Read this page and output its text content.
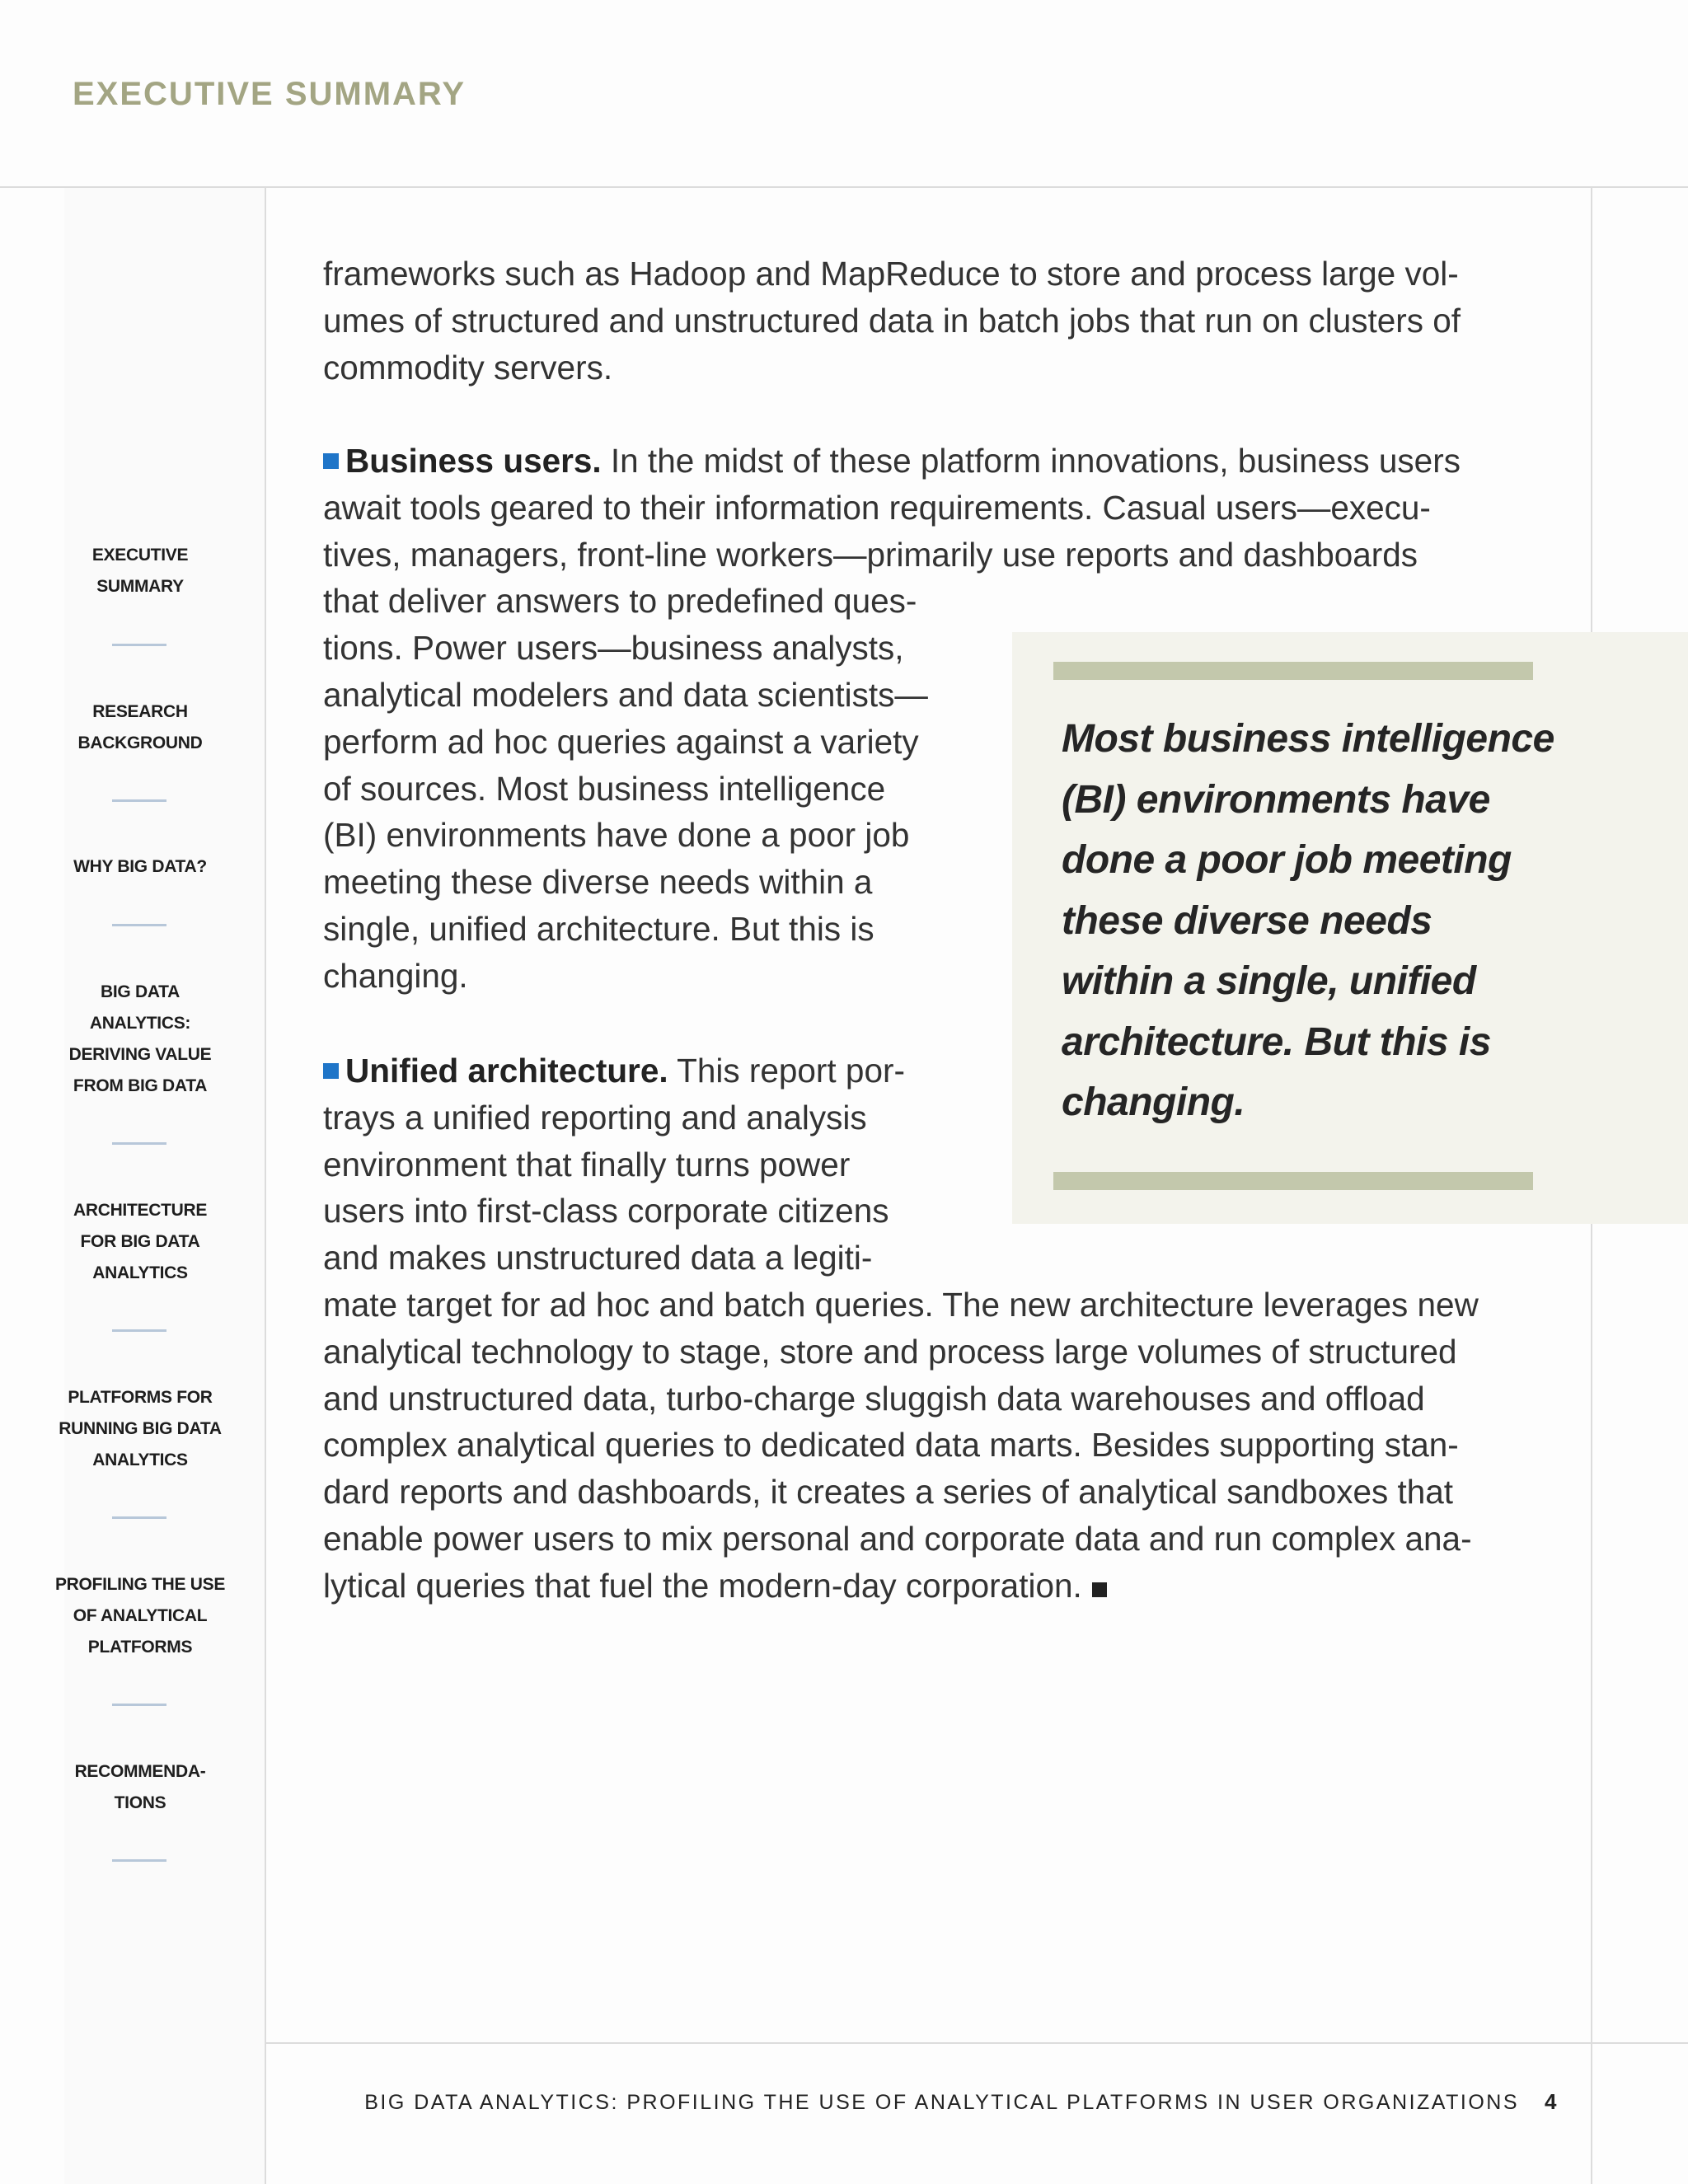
EXECUTIVE SUMMARY
EXECUTIVE
SUMMARY
RESEARCH
BACKGROUND
WHY BIG DATA?
BIG DATA
ANALYTICS:
DERIVING VALUE
FROM BIG DATA
ARCHITECTURE
FOR BIG DATA
ANALYTICS
PLATFORMS FOR
RUNNING BIG DATA
ANALYTICS
PROFILING THE USE
OF ANALYTICAL
PLATFORMS
RECOMMENDA-
TIONS

Most business intelligence
(BI) environments have
done a poor job meeting
these diverse needs
within a single, unified
architecture. But this is
changing.

frameworks such as Hadoop and MapReduce to store and process large vol-
umes of structured and unstructured data in batch jobs that run on clusters of
commodity servers.

Business users. In the midst of these platform innovations, business users
await tools geared to their information requirements. Casual users—execu-
tives, managers, front-line workers—primarily use reports and dashboards
that deliver answers to predefined ques-
tions. Power users—business analysts,
analytical modelers and data scientists—
perform ad hoc queries against a variety
of sources. Most business intelligence
(BI) environments have done a poor job
meeting these diverse needs within a
single, unified architecture. But this is
changing.

Unified architecture. This report por-
trays a unified reporting and analysis
environment that finally turns power
users into first-class corporate citizens
and makes unstructured data a legiti-
mate target for ad hoc and batch queries. The new architecture leverages new
analytical technology to stage, store and process large volumes of structured
and unstructured data, turbo-charge sluggish data warehouses and offload
complex analytical queries to dedicated data marts. Besides supporting stan-
dard reports and dashboards, it creates a series of analytical sandboxes that
enable power users to mix personal and corporate data and run complex ana-
lytical queries that fuel the modern-day corporation.

BIG DATA ANALYTICS: PROFILING THE USE OF ANALYTICAL PLATFORMS IN USER ORGANIZATIONS 4
